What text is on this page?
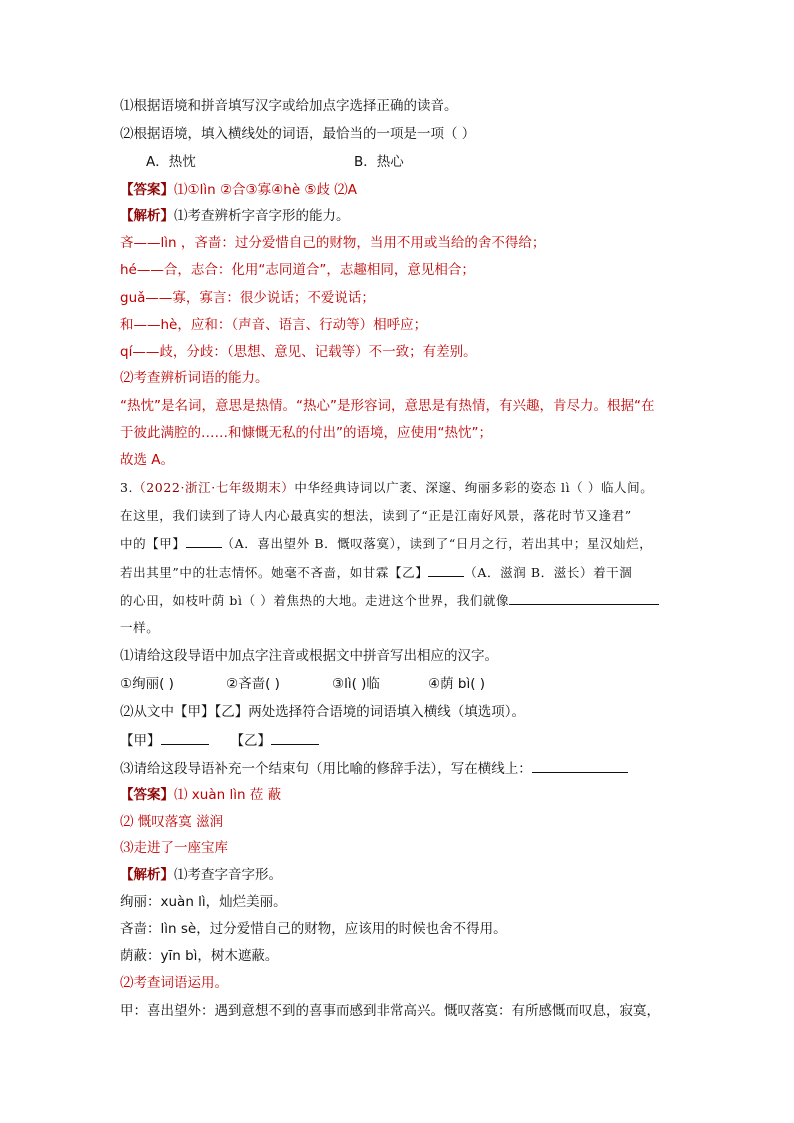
⑴根据语境和拼音填写汉字或给加点字选择正确的读音。
⑵根据语境，填入横线处的词语，最恰当的一项是一项（ ）
A．热忱	B．热心
【答案】⑴①lìn ②合③寡④hè ⑤歧 ⑵A
【解析】⑴考查辨析字音字形的能力。
吝——lìn ，吝啬：过分爱惜自己的财物，当用不用或当给的舍不得给；
hé——合，志合：化用“志同道合”，志趣相同，意见相合；
guǎ——寡，寡言：很少说话；不爱说话；
和——hè，应和：（声音、语言、行动等）相呼应；
qí——歧，分歧：（思想、意见、记载等）不一致；有差别。
⑵考查辨析词语的能力。
“热忱”是名词，意思是热情。“热心”是形容词，意思是有热情，有兴趣，肯尽力。根据“在
于彼此满腔的……和慷慨无私的付出”的语境，应使用“热忱”；
故选 A。
3.（2022·浙江·七年级期末）中华经典诗词以广袤、深邃、绚丽多彩的姿态 lì（ ）临人间。
在这里，我们读到了诗人内心最真实的想法，读到了“正是江南好风景，落花时节又逢君”
中的【甲】	（A．喜出望外 B．慨叹落寞），读到了“日月之行，若出其中；星汉灿烂，
若出其里”中的壮志情怀。她毫不吝啬，如甘霖【乙】	（A．滋润 B．滋长）着干涸
的心田，如枝叶荫 bì（ ）着焦热的大地。走进这个世界，我们就像
一样。
⑴请给这段导语中加点字注音或根据文中拼音写出相应的汉字。
①绚丽( )	②吝啬( )	③lì( )临	④荫 bì( )
⑵从文中【甲】【乙】两处选择符合语境的词语填入横线（填选项）。
【甲】	【乙】
⑶请给这段导语补充一个结束句（用比喻的修辞手法），写在横线上：
【答案】⑴ xuàn lìn 莅 蔽
⑵ 慨叹落寞 滋润
⑶走进了一座宝库
【解析】⑴考查字音字形。
绚丽：xuàn lì，灿烂美丽。
吝啬：lìn sè，过分爱惜自己的财物，应该用的时候也舍不得用。
荫蔽：yīn bì，树木遮蔽。
⑵考查词语运用。
甲：喜出望外：遇到意想不到的喜事而感到非常高兴。慨叹落寞：有所感慨而叹息，寂寞，
